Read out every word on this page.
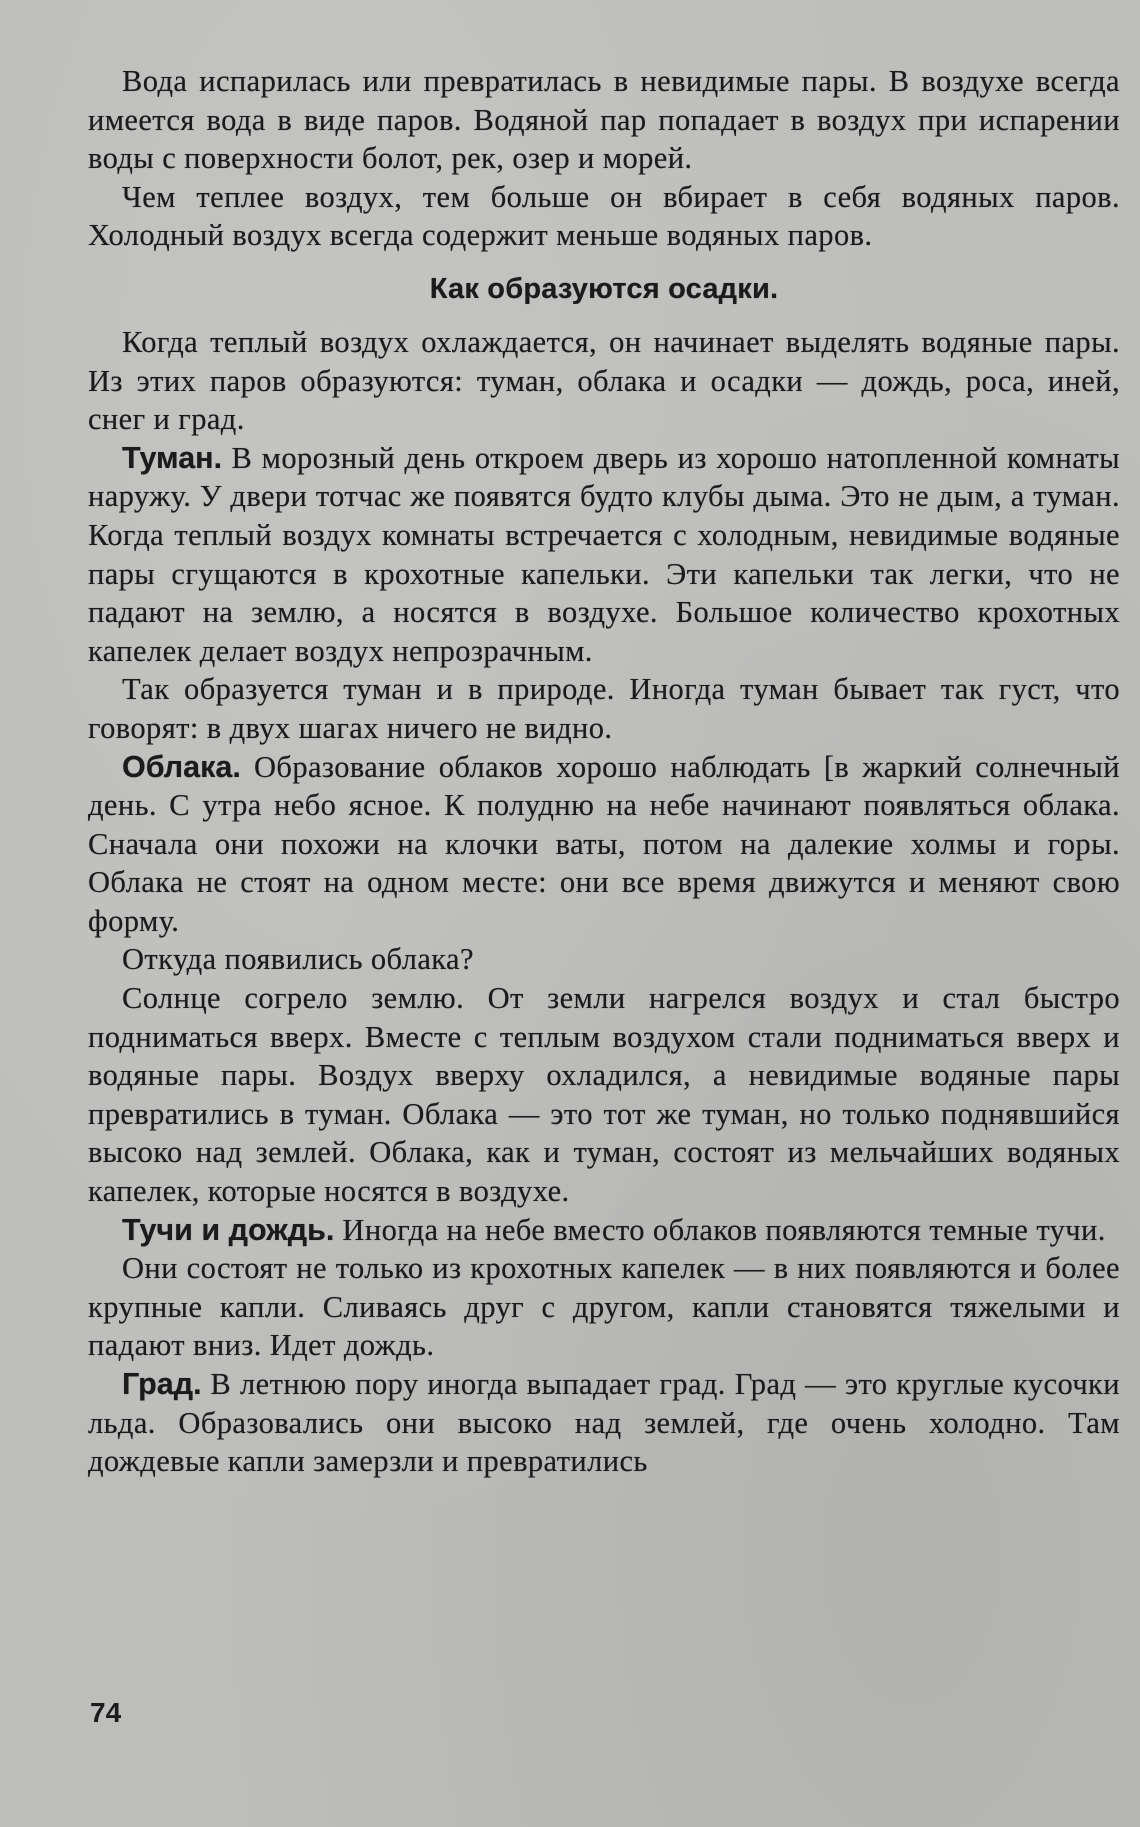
Вода испарилась или превратилась в невидимые пары. В воздухе всегда имеется вода в виде паров. Водяной пар попадает в воздух при испарении воды с поверхности болот, рек, озер и морей.

Чем теплее воздух, тем больше он вбирает в себя водяных паров. Холодный воздух всегда содержит меньше водяных паров.

Как образуются осадки.

Когда теплый воздух охлаждается, он начинает выделять водяные пары. Из этих паров образуются: туман, облака и осадки — дождь, роса, иней, снег и град.

Туман. В морозный день откроем дверь из хорошо натопленной комнаты наружу. У двери тотчас же появятся будто клубы дыма. Это не дым, а туман. Когда теплый воздух комнаты встречается с холодным, невидимые водяные пары сгущаются в крохотные капельки. Эти капельки так легки, что не падают на землю, а носятся в воздухе. Большое количество крохотных капелек делает воздух непрозрачным.

Так образуется туман и в природе. Иногда туман бывает так густ, что говорят: в двух шагах ничего не видно.

Облака. Образование облаков хорошо наблюдать [в жаркий солнечный день. С утра небо ясное. К полудню на небе начинают появляться облака. Сначала они похожи на клочки ваты, потом на далекие холмы и горы. Облака не стоят на одном месте: они все время движутся и меняют свою форму.

Откуда появились облака?

Солнце согрело землю. От земли нагрелся воздух и стал быстро подниматься вверх. Вместе с теплым воздухом стали подниматься вверх и водяные пары. Воздух вверху охладился, а невидимые водяные пары превратились в туман. Облака — это тот же туман, но только поднявшийся высоко над землей. Облака, как и туман, состоят из мельчайших водяных капелек, которые носятся в воздухе.

Тучи и дождь. Иногда на небе вместо облаков появляются темные тучи.

Они состоят не только из крохотных капелек — в них появляются и более крупные капли. Сливаясь друг с другом, капли становятся тяжелыми и падают вниз. Идет дождь.

Град. В летнюю пору иногда выпадает град. Град — это круглые кусочки льда. Образовались они высоко над землей, где очень холодно. Там дождевые капли замерзли и превратились

74
